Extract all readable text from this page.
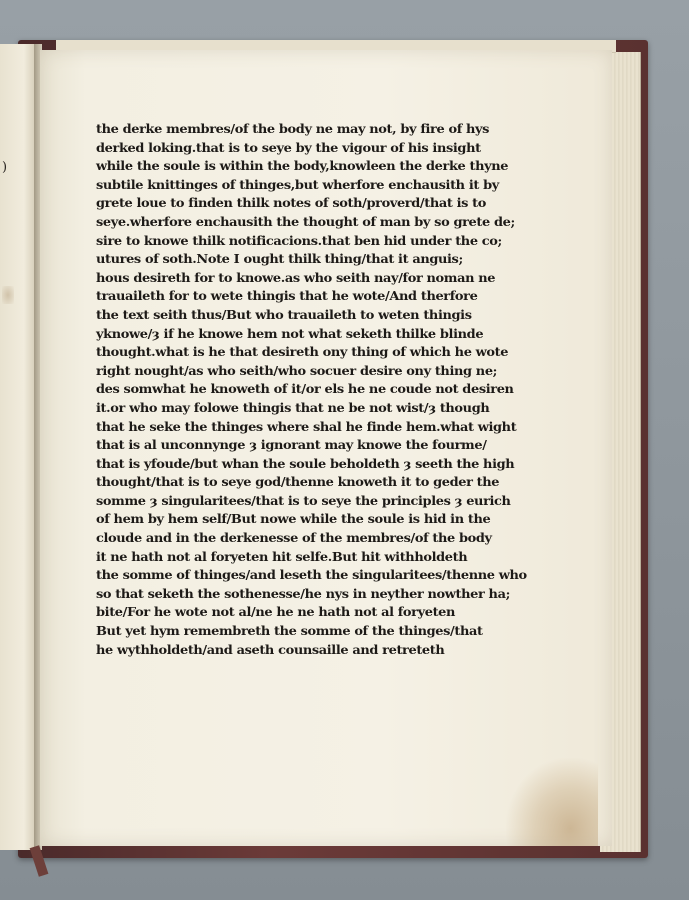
)
the derke membres/of the body ne may not, by fire of hys
derked loking.that is to seye by the vigour of his insight
while the soule is within the body,knowleen the derke thyne
subtile knittinges of thinges,but wherfore enchausith it by
grete loue to finden thilk notes of soth/proverd/that is to
seye.wherfore enchausith the thought of man by so grete de;
sire to knowe thilk notificacions.that ben hid under the co;
utures of soth.Note I ought thilk thing/that it anguis;
hous desireth for to knowe.as who seith nay/for noman ne
trauaileth for to wete thingis that he wote/And therfore
the text seith thus/But who trauaileth to weten thingis
yknowe/ȝ if he knowe hem not what seketh thilke blinde
thought.what is he that desireth ony thing of which he wote
right nought/as who seith/who socuer desire ony thing ne;
des somwhat he knoweth of it/or els he ne coude not desiren
it.or who may folowe thingis that ne be not wist/ȝ though
that he seke the thinges where shal he finde hem.what wight
that is al unconnynge ȝ ignorant may knowe the fourme/
that is yfoude/but whan the soule beholdeth ȝ seeth the high
thought/that is to seye god/thenne knoweth it to geder the
somme ȝ singularitees/that is to seye the principles ȝ eurich
of hem by hem self/But nowe while the soule is hid in the
cloude and in the derkenesse of the membres/of the body
it ne hath not al foryeten hit selfe.But hit withholdeth
the somme of thinges/and leseth the singularitees/thenne who
so that seketh the sothenesse/he nys in neyther nowther ha;
bite/For he wote not al/ne he ne hath not al foryeten
But yet hym remembreth the somme of the thinges/that
he wythholdeth/and aseth counsaille and retreteth
